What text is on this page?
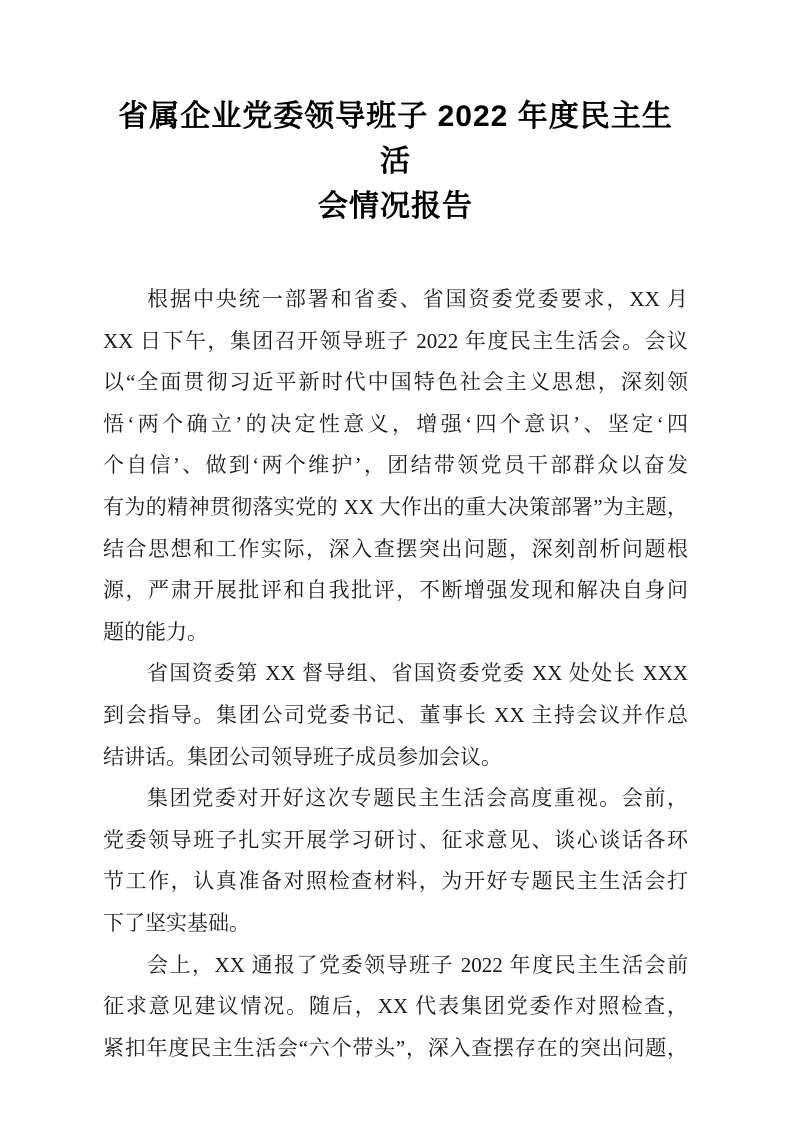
省属企业党委领导班子 2022 年度民主生活
会情况报告
根据中央统一部署和省委、省国资委党委要求，XX 月
XX 日下午，集团召开领导班子 2022 年度民主生活会。会议
以“全面贯彻习近平新时代中国特色社会主义思想，深刻领
悟‘两个确立’的决定性意义，增强‘四个意识’、坚定‘四
个自信’、做到‘两个维护’，团结带领党员干部群众以奋发
有为的精神贯彻落实党的 XX 大作出的重大决策部署”为主题，
结合思想和工作实际，深入查摆突出问题，深刻剖析问题根
源，严肃开展批评和自我批评，不断增强发现和解决自身问
题的能力。
省国资委第 XX 督导组、省国资委党委 XX 处处长 XXX
到会指导。集团公司党委书记、董事长 XX 主持会议并作总
结讲话。集团公司领导班子成员参加会议。
集团党委对开好这次专题民主生活会高度重视。会前，
党委领导班子扎实开展学习研讨、征求意见、谈心谈话各环
节工作，认真准备对照检查材料，为开好专题民主生活会打
下了坚实基础。
会上，XX 通报了党委领导班子 2022 年度民主生活会前
征求意见建议情况。随后，XX 代表集团党委作对照检查，
紧扣年度民主生活会“六个带头”，深入查摆存在的突出问题，
